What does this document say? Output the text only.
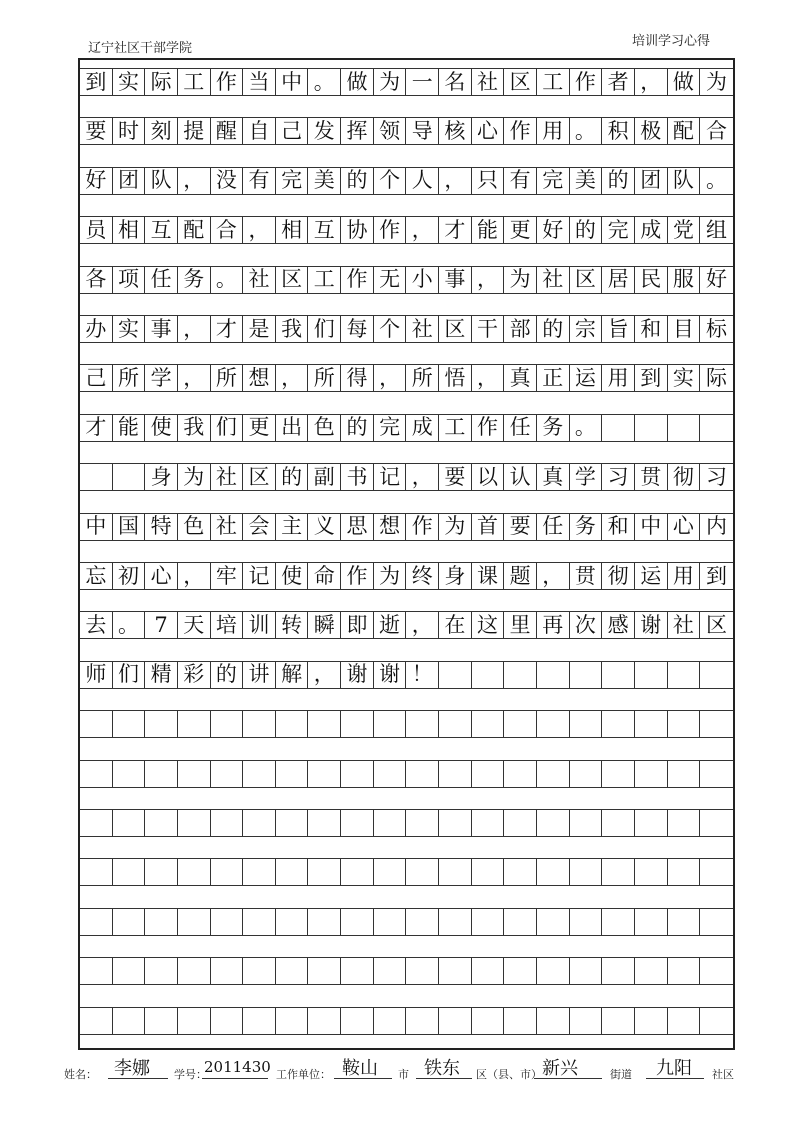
辽宁社区干部学院	培训学习心得
到 实 际 工 作 当 中 。 做 为 一 名 社 区 工 作 者 ， 做 为
要 时 刻 提 醒 自 己 发 挥 领 导 核 心 作 用 。 积 极 配 合
好 团 队 ， 没 有 完 美 的 个 人 ， 只 有 完 美 的 团 队 。
员 相 互 配 合 ， 相 互 协 作 ， 才 能 更 好 的 完 成 党 组
各 项 任 务 。 社 区 工 作 无 小 事 ， 为 社 区 居 民 服 好
办 实 事 ， 才 是 我 们 每 个 社 区 干 部 的 宗 旨 和 目 标
己 所 学 ， 所 想 ， 所 得 ， 所 悟 ， 真 正 运 用 到 实 际
才 能 使 我 们 更 出 色 的 完 成 工 作 任 务 。
身 为 社 区 的 副 书 记 ， 要 以 认 真 学 习 贯 彻 习
中 国 特 色 社 会 主 义 思 想 作 为 首 要 任 务 和 中 心 内
忘 初 心 ， 牢 记 使 命 作 为 终 身 课 题 ， 贯 彻 运 用 到
去 。 7 天 培 训 转 瞬 即 逝 ， 在 这 里 再 次 感 谢 社 区
师 们 精 彩 的 讲 解 ， 谢 谢 ！
姓名： 李娜 学号：
2011430 工作单位： 鞍山 市 铁东 区（县、市） 新兴	街道 九阳 社区
